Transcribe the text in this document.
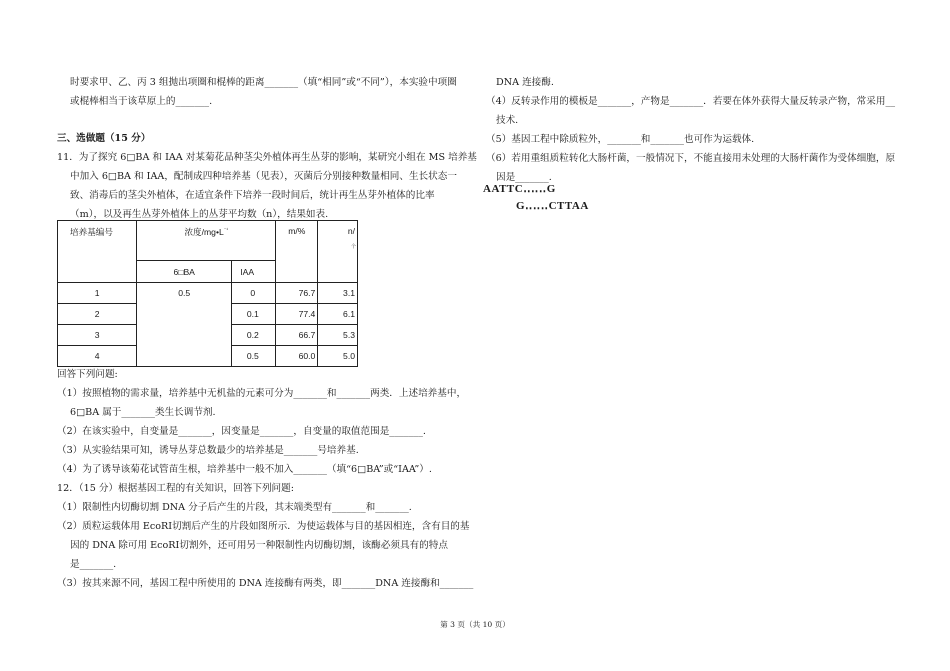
时要求甲、乙、丙 3 组抛出项圈和棍棒的距离_______（填“相同”或“不同”），本实验中项圈
或棍棒相当于该草原上的_______.
三、选做题（15 分）
11．为了探究 6□BA 和 IAA 对某菊花品种茎尖外植体再生丛芽的影响，某研究小组在 MS 培养基
中加入 6□BA 和 IAA，配制成四种培养基（见表），灭菌后分别接种数量相同、生长状态一
致、消毒后的茎尖外植体，在适宜条件下培养一段时间后，统计再生丛芽外植体的比率
（m），以及再生丛芽外植体上的丛芽平均数（n），结果如表.
培养基编号	浓度$/mg•L^{^{-1}}$		m/%	n/
个

	6□BA	IAA		
1	0.5	0	76.7	3.1
2		0.1	77.4	6.1
3		0.2	66.7	5.3
4		0.5	60.0	5.0
回答下列问题:
（1）按照植物的需求量，培养基中无机盐的元素可分为_______和_______两类．上述培养基中，
6□BA 属于_______类生长调节剂.
（2）在该实验中，自变量是_______，因变量是_______，自变量的取值范围是_______.
（3）从实验结果可知，诱导丛芽总数最少的培养基是_______号培养基.
（4）为了诱导该菊花试管苗生根，培养基中一般不加入_______（填“6□BA”或“IAA”）.
12．（15 分）根据基因工程的有关知识，回答下列问题:
（1）限制性内切酶切割 DNA 分子后产生的片段，其末端类型有_______和_______.
（2）质粒运载体用 EcoRI切割后产生的片段如图所示．为使运载体与目的基因相连，含有目的基
因的 DNA 除可用 EcoRI切割外，还可用另一种限制性内切酶切割，该酶必须具有的特点
是_______.
（3）按其来源不同，基因工程中所使用的 DNA 连接酶有两类，即_______DNA 连接酶和_______
DNA 连接酶.
（4）反转录作用的模板是_______，产物是_______．若要在体外获得大量反转录产物，常采用__
技术.
（5）基因工程中除质粒外，_______和_______也可作为运载体.
（6）若用重组质粒转化大肠杆菌，一般情况下，不能直接用未处理的大肠杆菌作为受体细胞，原
因是_______.
AATTC‥‥‥G
G‥‥‥CTTAA
第 3 页（共 10 页）
